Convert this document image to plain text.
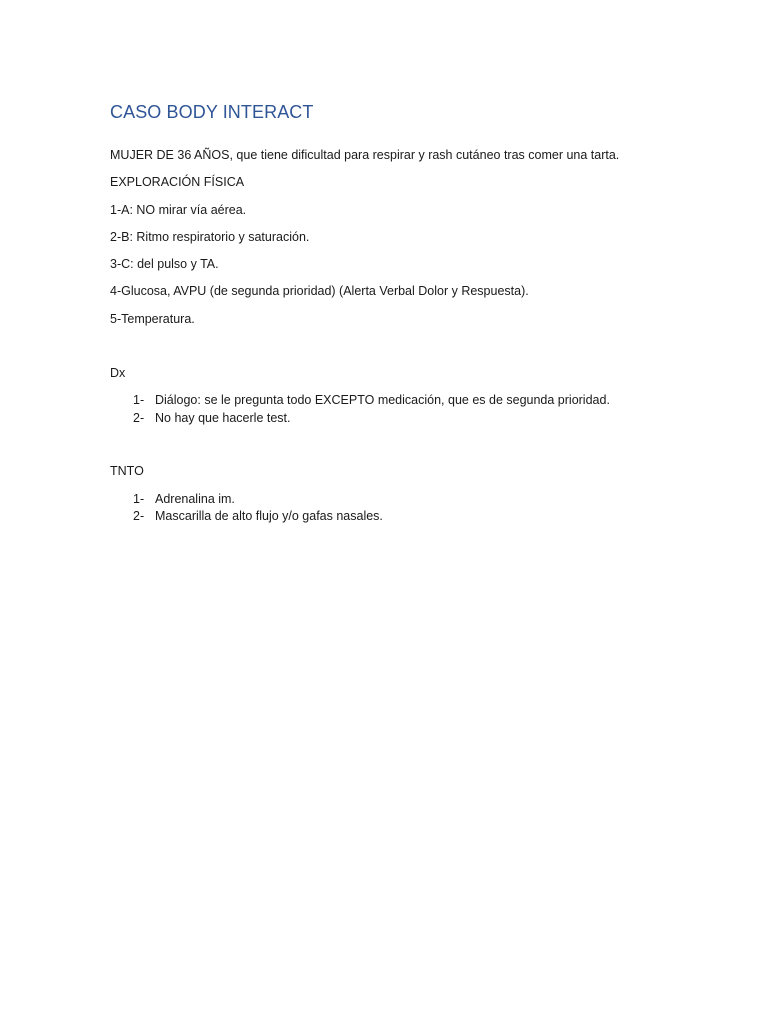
CASO BODY INTERACT

MUJER DE 36 AÑOS, que tiene dificultad para respirar y rash cutáneo tras comer una tarta.

EXPLORACIÓN FÍSICA

1-A: NO mirar vía aérea.

2-B: Ritmo respiratorio y saturación.

3-C: del pulso y TA.

4-Glucosa, AVPU (de segunda prioridad) (Alerta Verbal Dolor y Respuesta).

5-Temperatura.

Dx

1- Diálogo: se le pregunta todo EXCEPTO medicación, que es de segunda prioridad.
2- No hay que hacerle test.

TNTO

1- Adrenalina im.
2- Mascarilla de alto flujo y/o gafas nasales.
